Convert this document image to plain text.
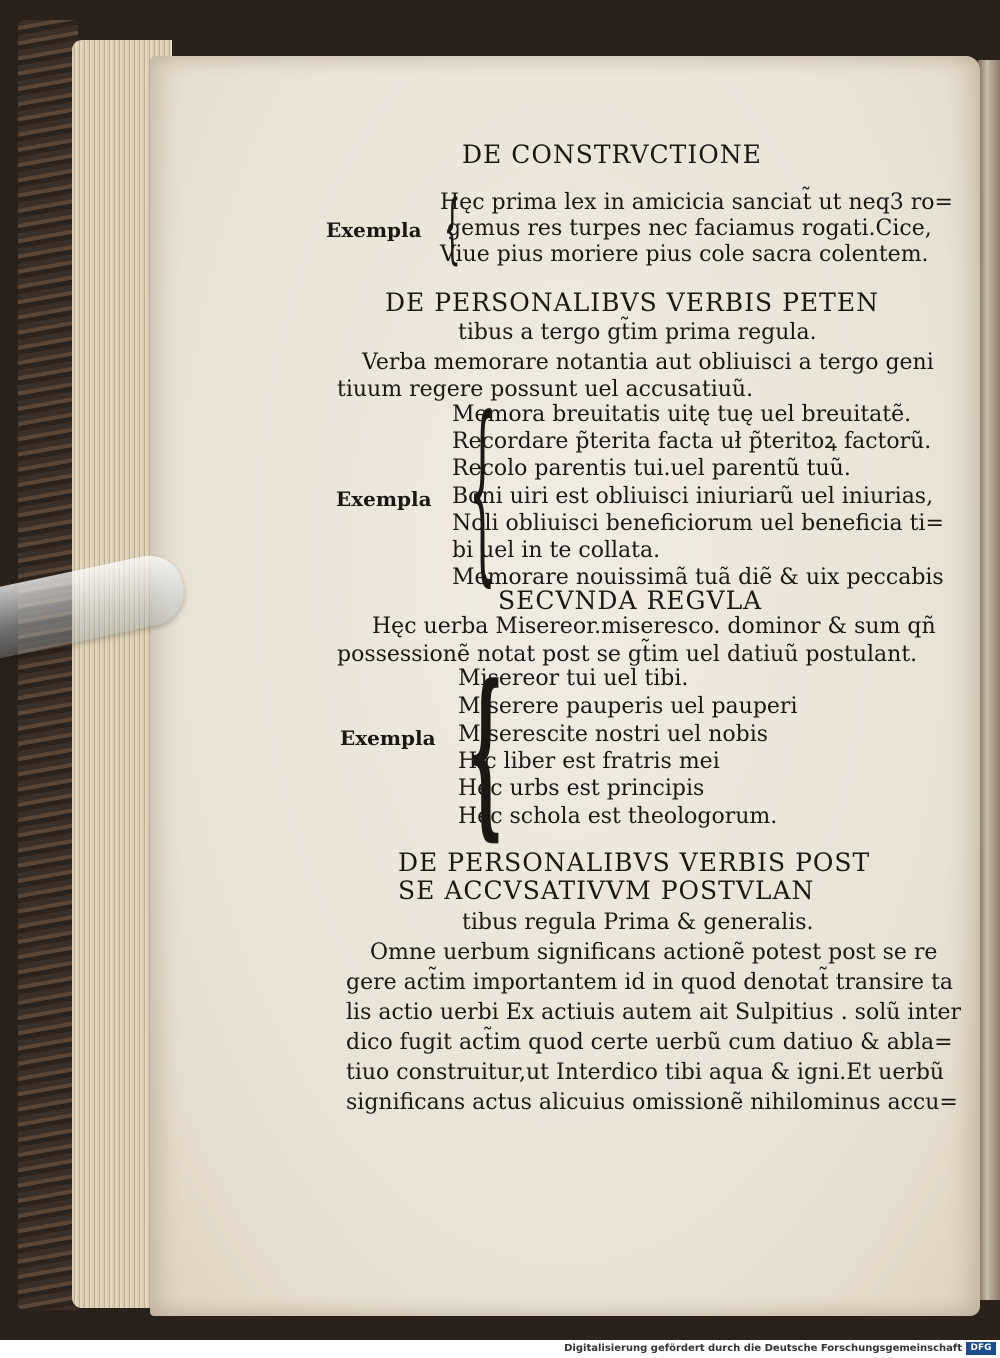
DE CONSTRVCTIONE
{
Exempla
Hęc prima lex in amicicia sanciat̃ ut neq3 ro=
gemus res turpes nec faciamus rogati.Cice,
Viue pius moriere pius cole sacra colentem.
DE PERSONALIBVS VERBIS PETEN
tibus a tergo gt̃im prima regula.
Verba memorare notantia aut obliuisci a tergo geni
tiuum regere possunt uel accusatiuũ.
{
Exempla
Memora breuitatis uitę tuę uel breuitatẽ.
Recordare p̃terita facta uł p̃teritoꝝ factorũ.
Recolo parentis tui.uel parentũ tuũ.
Boni uiri est obliuisci iniuriarũ uel iniurias,
Noli obliuisci beneficiorum uel beneficia ti=
bi uel in te collata.
Memorare nouissimã tuã diẽ & uix peccabis
SECVNDA REGVLA
Hęc uerba Misereor.miseresco. dominor & sum qñ
possessionẽ notat post se gt̃im uel datiuũ postulant.
{
Exempla
Misereor tui uel tibi.
Miserere pauperis uel pauperi
Miserescite nostri uel nobis
Hic liber est fratris mei
Hęc urbs est principis
Hęc schola est theologorum.
DE PERSONALIBVS VERBIS POST
SE ACCVSATIVVM POSTVLAN
tibus regula Prima & generalis.
Omne uerbum significans actionẽ potest post se re
gere act̃im importantem id in quod denotat̃ transire ta
lis actio uerbi Ex actiuis autem ait Sulpitius . solũ inter
dico fugit act̃im quod certe uerbũ cum datiuo & abla=
tiuo construitur,ut Interdico tibi aqua & igni.Et uerbũ
significans actus alicuius omissionẽ nihilominus accu=
Digitalisierung gefördert durch die Deutsche Forschungsgemeinschaft DFG
